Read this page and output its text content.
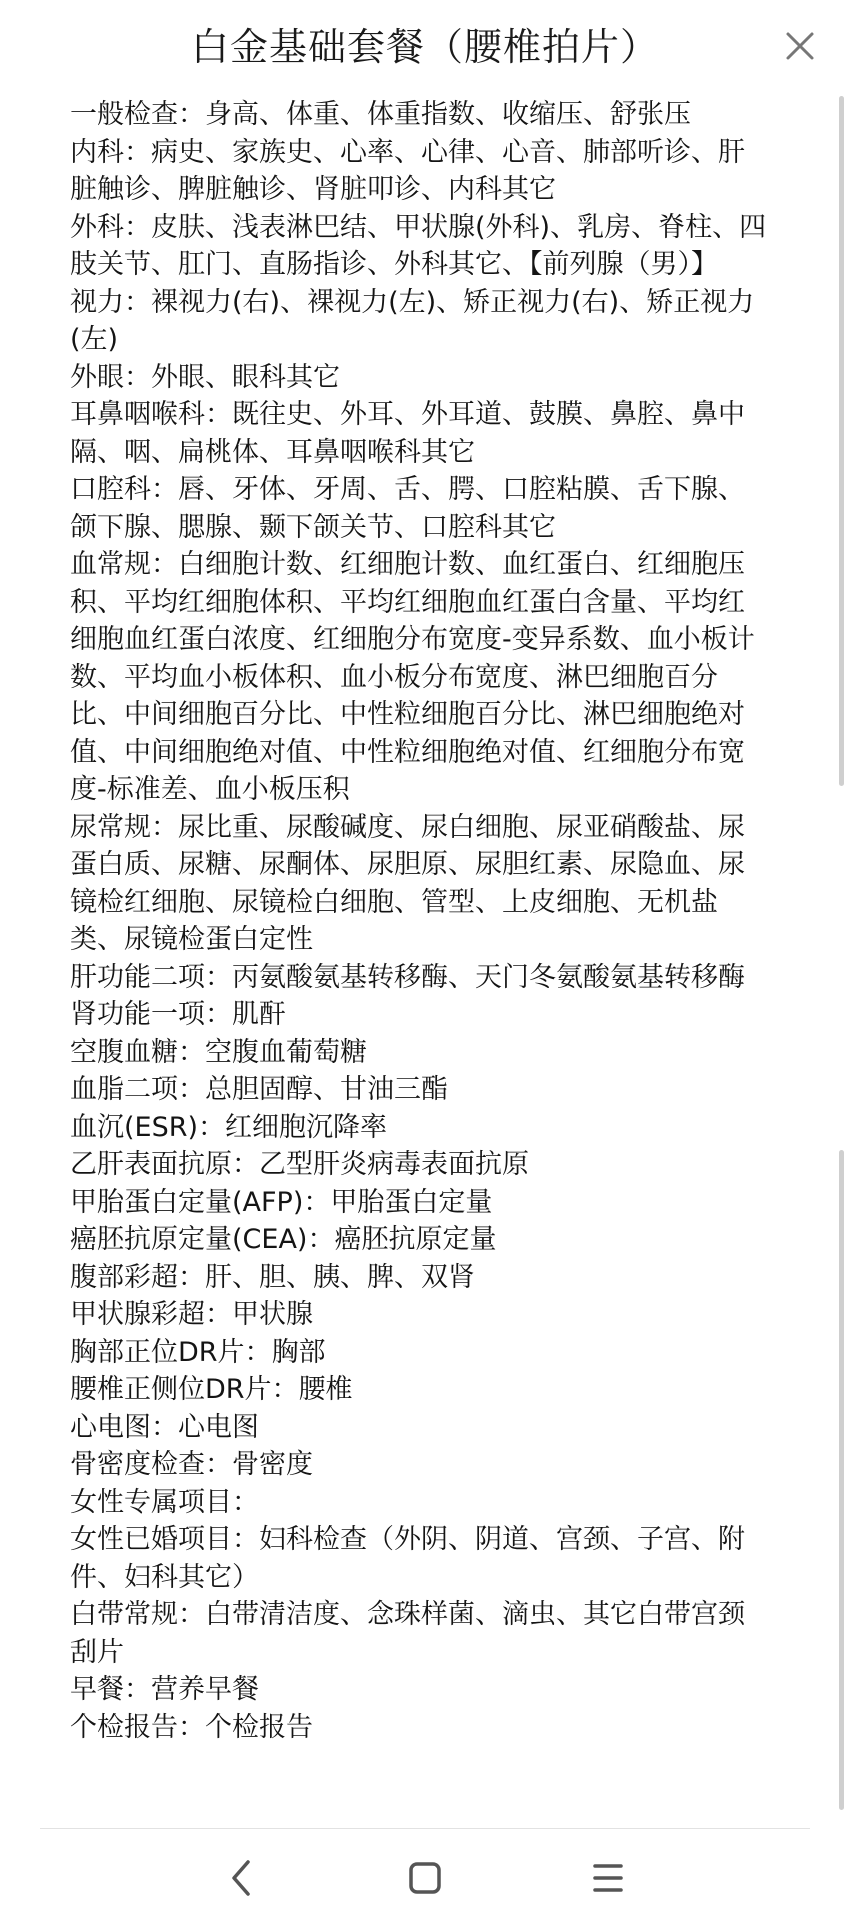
白金基础套餐（腰椎拍片）
一般检查：身高、体重、体重指数、收缩压、舒张压
内科：病史、家族史、心率、心律、心音、肺部听诊、肝脏触诊、脾脏触诊、肾脏叩诊、内科其它
外科：皮肤、浅表淋巴结、甲状腺(外科)、乳房、脊柱、四肢关节、肛门、直肠指诊、外科其它、【前列腺（男）】
视力：裸视力(右)、裸视力(左)、矫正视力(右)、矫正视力(左)
外眼：外眼、眼科其它
耳鼻咽喉科：既往史、外耳、外耳道、鼓膜、鼻腔、鼻中隔、咽、扁桃体、耳鼻咽喉科其它
口腔科：唇、牙体、牙周、舌、腭、口腔粘膜、舌下腺、颌下腺、腮腺、颞下颌关节、口腔科其它
血常规：白细胞计数、红细胞计数、血红蛋白、红细胞压积、平均红细胞体积、平均红细胞血红蛋白含量、平均红细胞血红蛋白浓度、红细胞分布宽度-变异系数、血小板计数、平均血小板体积、血小板分布宽度、淋巴细胞百分比、中间细胞百分比、中性粒细胞百分比、淋巴细胞绝对值、中间细胞绝对值、中性粒细胞绝对值、红细胞分布宽度-标准差、血小板压积
尿常规：尿比重、尿酸碱度、尿白细胞、尿亚硝酸盐、尿蛋白质、尿糖、尿酮体、尿胆原、尿胆红素、尿隐血、尿镜检红细胞、尿镜检白细胞、管型、上皮细胞、无机盐类、尿镜检蛋白定性
肝功能二项：丙氨酸氨基转移酶、天门冬氨酸氨基转移酶
肾功能一项：肌酐
空腹血糖：空腹血葡萄糖
血脂二项：总胆固醇、甘油三酯
血沉(ESR)：红细胞沉降率
乙肝表面抗原：乙型肝炎病毒表面抗原
甲胎蛋白定量(AFP)：甲胎蛋白定量
癌胚抗原定量(CEA)：癌胚抗原定量
腹部彩超：肝、胆、胰、脾、双肾
甲状腺彩超：甲状腺
胸部正位DR片：胸部
腰椎正侧位DR片：腰椎
心电图：心电图
骨密度检查：骨密度
女性专属项目：
女性已婚项目：妇科检查（外阴、阴道、宫颈、子宫、附件、妇科其它）
白带常规：白带清洁度、念珠样菌、滴虫、其它白带宫颈刮片
早餐：营养早餐
个检报告：个检报告
